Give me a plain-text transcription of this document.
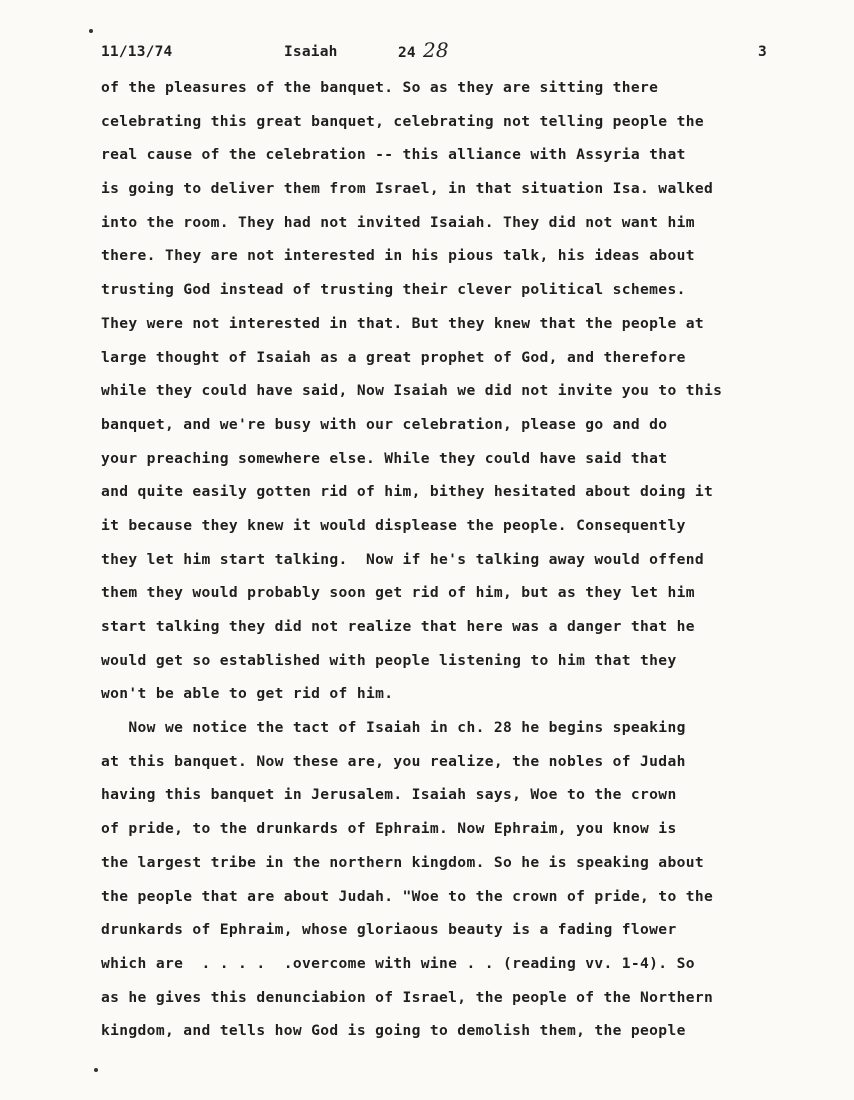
11/13/74	Isaiah	24 28	3
of the pleasures of the banquet. So as they are sitting there
celebrating this great banquet, celebrating not telling people the
real cause of the celebration -- this alliance with Assyria that
is going to deliver them from Israel, in that situation Isa. walked
into the room. They had not invited Isaiah. They did not want him
there. They are not interested in his pious talk, his ideas about
trusting God instead of trusting their clever political schemes.
They were not interested in that. But they knew that the people at
large thought of Isaiah as a great prophet of God, and therefore
while they could have said, Now Isaiah we did not invite you to this
banquet, and we're busy with our celebration, please go and do
your preaching somewhere else. While they could have said that
and quite easily gotten rid of him, bithey hesitated about doing it
it because they knew it would displease the people. Consequently
they let him start talking.  Now if he's talking away would offend
them they would probably soon get rid of him, but as they let him
start talking they did not realize that here was a danger that he
would get so established with people listening to him that they
won't be able to get rid of him.
Now we notice the tact of Isaiah in ch. 28 he begins speaking
at this banquet. Now these are, you realize, the nobles of Judah
having this banquet in Jerusalem. Isaiah says, Woe to the crown
of pride, to the drunkards of Ephraim. Now Ephraim, you know is
the largest tribe in the northern kingdom. So he is speaking about
the people that are about Judah. "Woe to the crown of pride, to the
drunkards of Ephraim, whose gloriaous beauty is a fading flower
which are  . . . .  .overcome with wine . . (reading vv. 1-4). So
as he gives this denunciabion of Israel, the people of the Northern
kingdom, and tells how God is going to demolish them, the people
